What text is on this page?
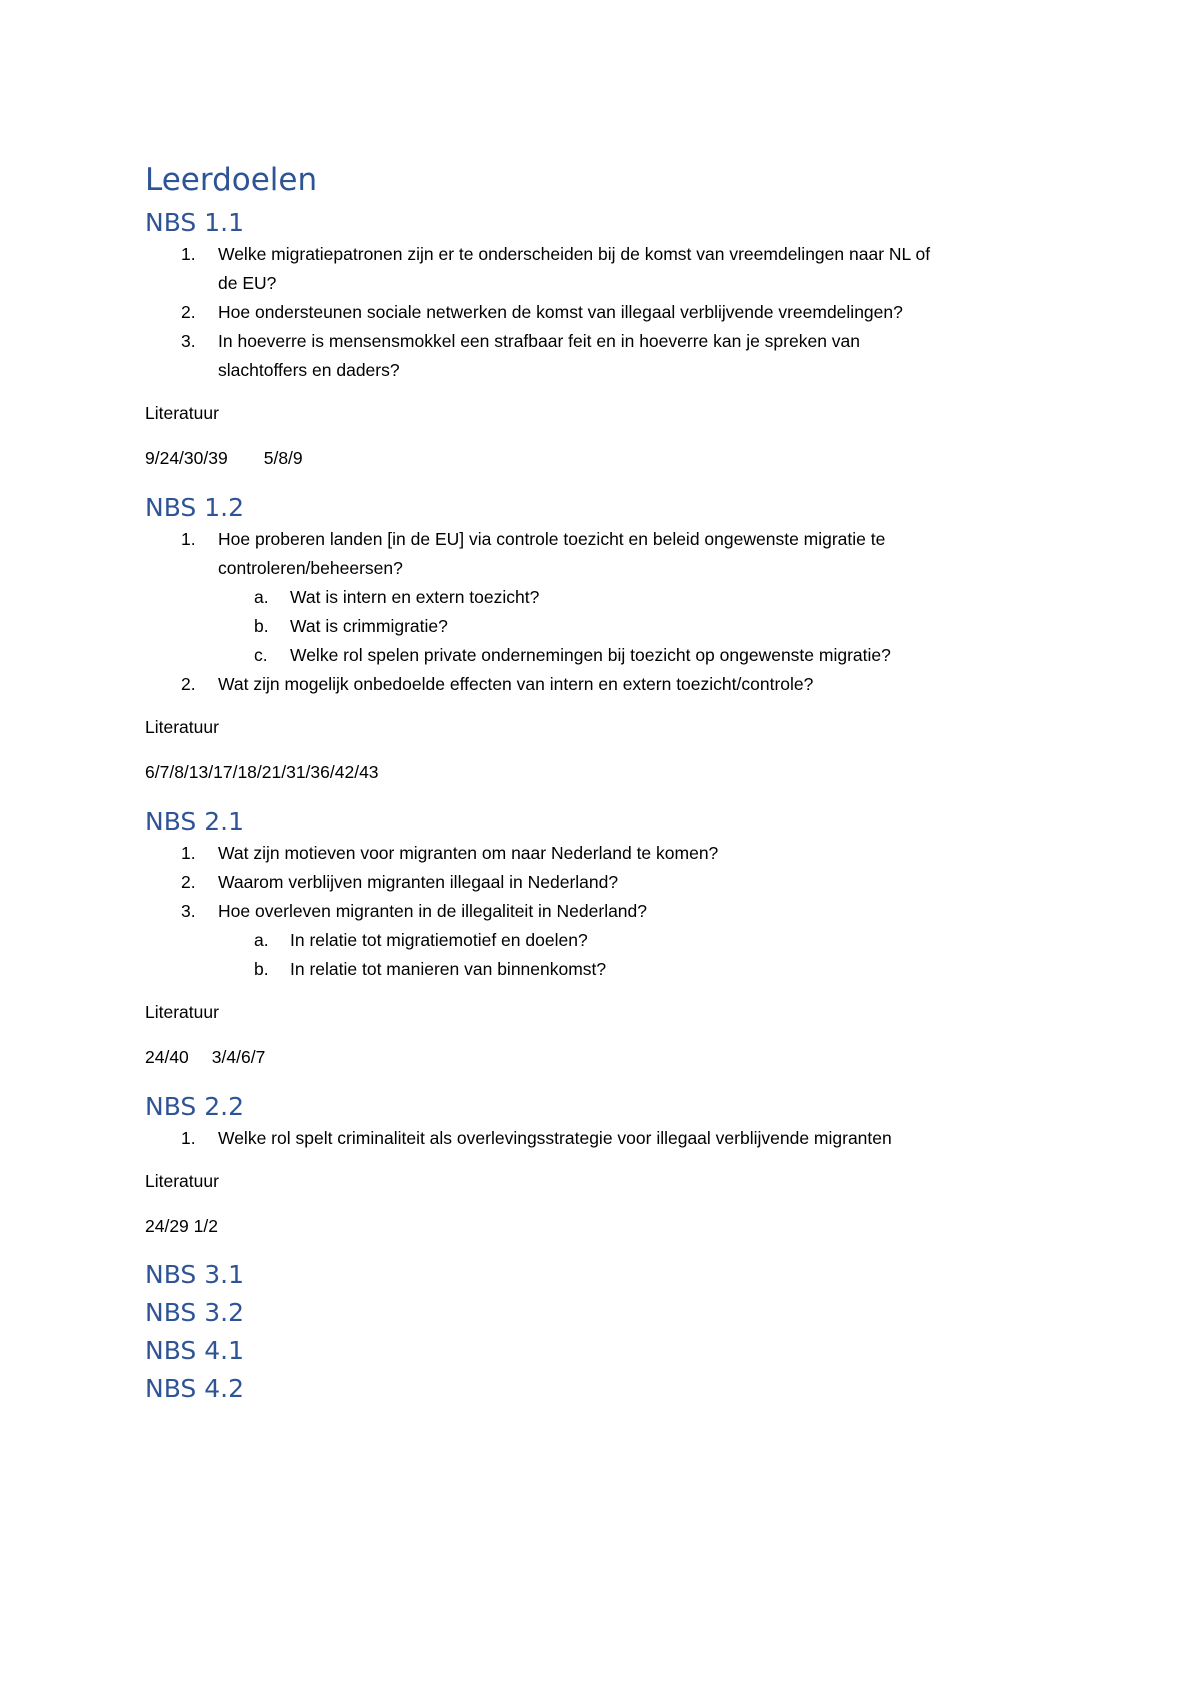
Leerdoelen
NBS 1.1
1. Welke migratiepatronen zijn er te onderscheiden bij de komst van vreemdelingen naar NL of
de EU?
2. Hoe ondersteunen sociale netwerken de komst van illegaal verblijvende vreemdelingen?
3. In hoeverre is mensensmokkel een strafbaar feit en in hoeverre kan je spreken van
slachtoffers en daders?

Literatuur

9/24/30/39 5/8/9

NBS 1.2
1. Hoe proberen landen [in de EU] via controle toezicht en beleid ongewenste migratie te
controleren/beheersen?
a. Wat is intern en extern toezicht?
b. Wat is crimmigratie?
c. Welke rol spelen private ondernemingen bij toezicht op ongewenste migratie?
2. Wat zijn mogelijk onbedoelde effecten van intern en extern toezicht/controle?

Literatuur

6/7/8/13/17/18/21/31/36/42/43

NBS 2.1
1. Wat zijn motieven voor migranten om naar Nederland te komen?
2. Waarom verblijven migranten illegaal in Nederland?
3. Hoe overleven migranten in de illegaliteit in Nederland?
a. In relatie tot migratiemotief en doelen?
b. In relatie tot manieren van binnenkomst?

Literatuur

24/40 3/4/6/7

NBS 2.2
1. Welke rol spelt criminaliteit als overlevingsstrategie voor illegaal verblijvende migranten

Literatuur

24/29 1/2

NBS 3.1
NBS 3.2
NBS 4.1
NBS 4.2
